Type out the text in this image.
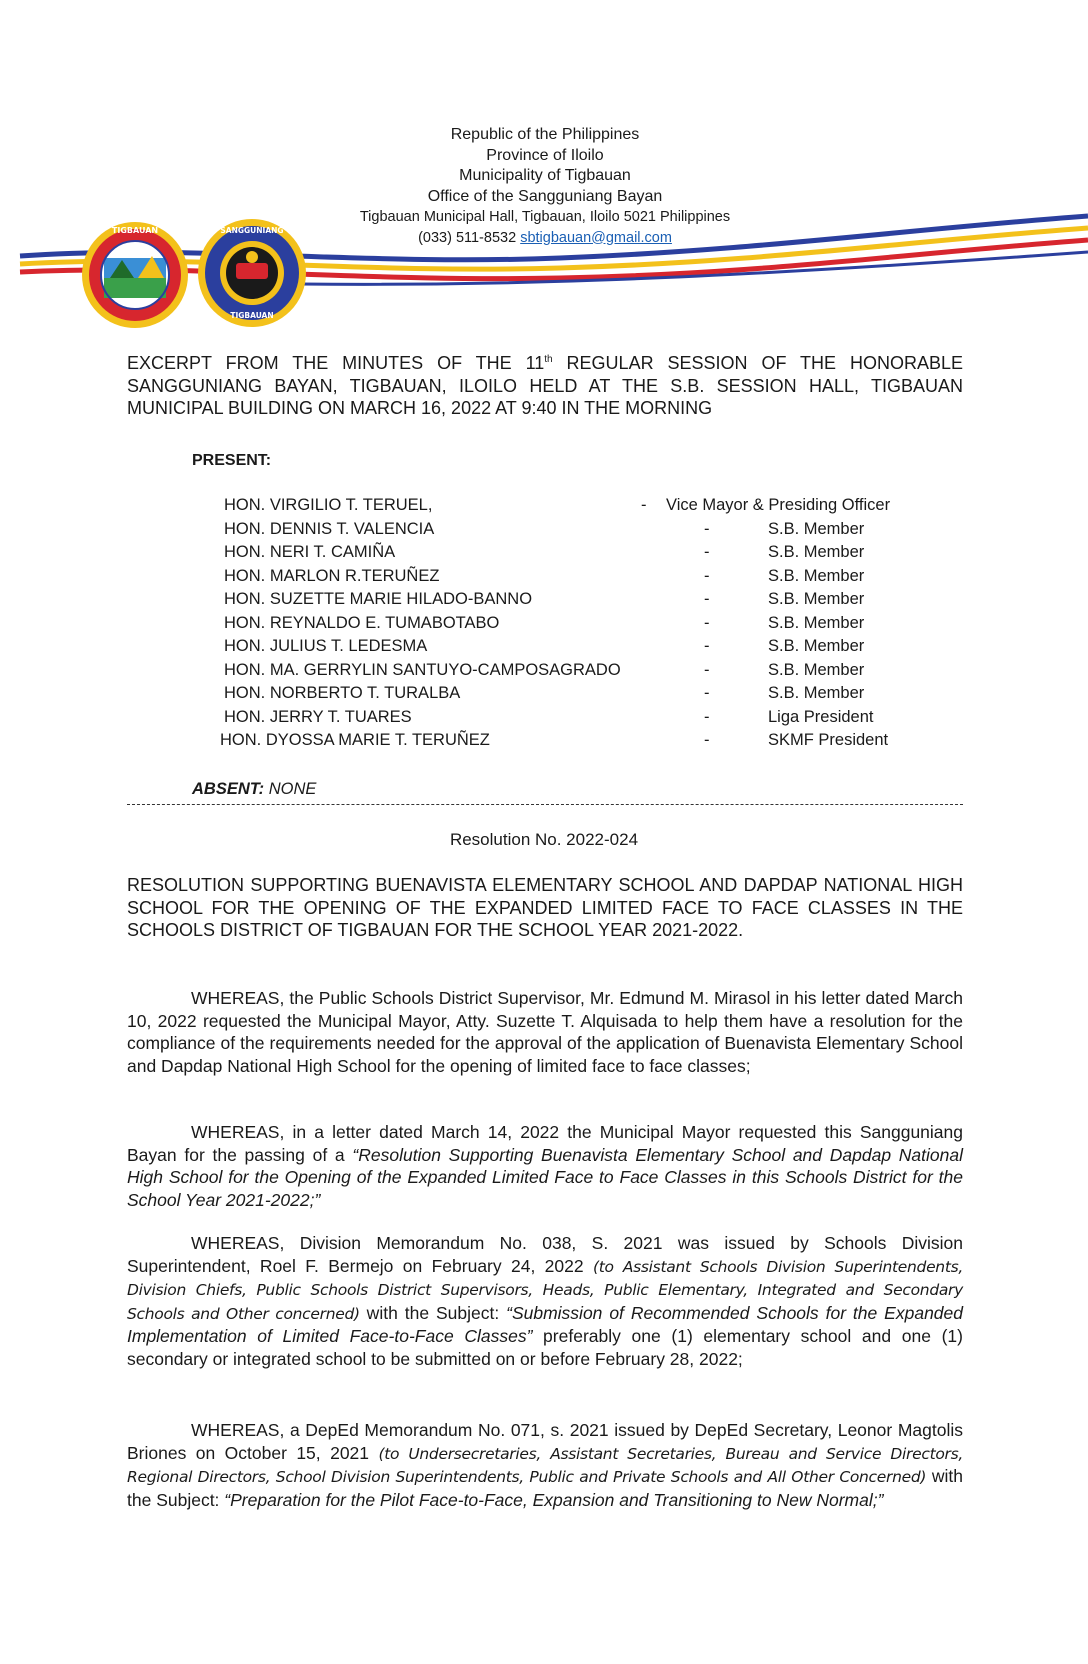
TIGBAUAN	SANGGUNIANG
TIGBAUAN
Republic of the Philippines
Province of Iloilo
Municipality of Tigbauan
Office of the Sangguniang Bayan
Tigbauan Municipal Hall, Tigbauan, Iloilo 5021 Philippines
(033) 511-8532 sbtigbauan@gmail.com
EXCERPT FROM THE MINUTES OF THE 11th REGULAR SESSION OF THE HONORABLE SANGGUNIANG BAYAN, TIGBAUAN, ILOILO HELD AT THE S.B. SESSION HALL, TIGBAUAN MUNICIPAL BUILDING ON MARCH 16, 2022 AT 9:40 IN THE MORNING
PRESENT:
HON. VIRGILIO T. TERUEL,	- Vice Mayor & Presiding Officer
HON. DENNIS T. VALENCIA	-	S.B. Member
HON. NERI T. CAMIÑA	-	S.B. Member
HON. MARLON R.TERUÑEZ	-	S.B. Member
HON. SUZETTE MARIE HILADO-BANNO	-	S.B. Member
HON. REYNALDO E. TUMABOTABO	-	S.B. Member
HON. JULIUS T. LEDESMA	-	S.B. Member
HON. MA. GERRYLIN SANTUYO-CAMPOSAGRADO	-	S.B. Member
HON. NORBERTO T. TURALBA	-	S.B. Member
HON. JERRY T. TUARES	-	Liga President
HON. DYOSSA MARIE T. TERUÑEZ	-	SKMF President
ABSENT: NONE
Resolution No. 2022-024
RESOLUTION SUPPORTING BUENAVISTA ELEMENTARY SCHOOL AND DAPDAP NATIONAL HIGH SCHOOL FOR THE OPENING OF THE EXPANDED LIMITED FACE TO FACE CLASSES IN THE SCHOOLS DISTRICT OF TIGBAUAN FOR THE SCHOOL YEAR 2021-2022.
WHEREAS, the Public Schools District Supervisor, Mr. Edmund M. Mirasol in his letter dated March 10, 2022 requested the Municipal Mayor, Atty. Suzette T. Alquisada to help them have a resolution for the compliance of the requirements needed for the approval of the application of Buenavista Elementary School and Dapdap National High School for the opening of limited face to face classes;
WHEREAS, in a letter dated March 14, 2022 the Municipal Mayor requested this Sangguniang Bayan for the passing of a “Resolution Supporting Buenavista Elementary School and Dapdap National High School for the Opening of the Expanded Limited Face to Face Classes in this Schools District for the School Year 2021-2022;”
WHEREAS, Division Memorandum No. 038, S. 2021 was issued by Schools Division Superintendent, Roel F. Bermejo on February 24, 2022 (to Assistant Schools Division Superintendents, Division Chiefs, Public Schools District Supervisors, Heads, Public Elementary, Integrated and Secondary Schools and Other concerned) with the Subject: “Submission of Recommended Schools for the Expanded Implementation of Limited Face-to-Face Classes” preferably one (1) elementary school and one (1) secondary or integrated school to be submitted on or before February 28, 2022;
WHEREAS, a DepEd Memorandum No. 071, s. 2021 issued by DepEd Secretary, Leonor Magtolis Briones on October 15, 2021 (to Undersecretaries, Assistant Secretaries, Bureau and Service Directors, Regional Directors, School Division Superintendents, Public and Private Schools and All Other Concerned) with the Subject: “Preparation for the Pilot Face-to-Face, Expansion and Transitioning to New Normal;”
